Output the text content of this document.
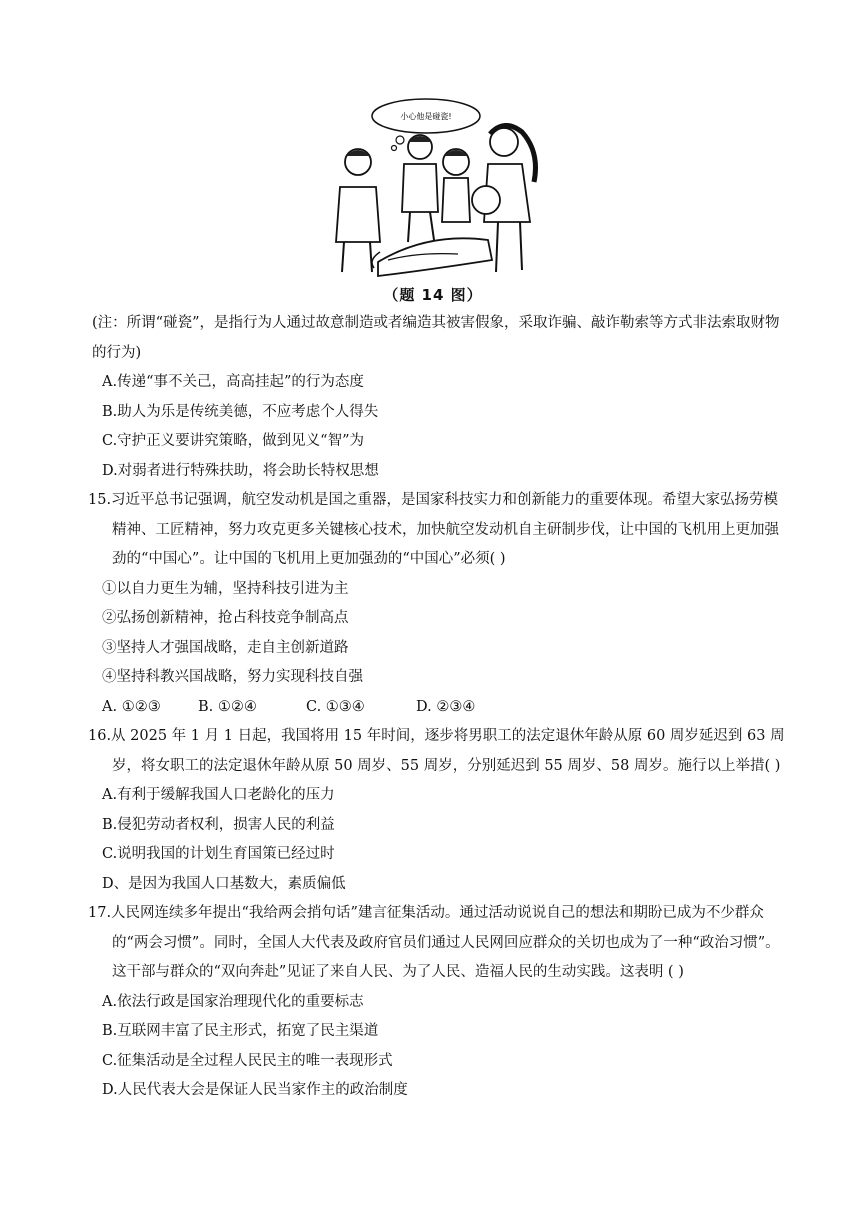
小心他是碰瓷!
（题 14 图）
(注：所谓“碰瓷”，是指行为人通过故意制造或者编造其被害假象，采取诈骗、敲诈勒索等方式非法索取财物的行为)
A.传递“事不关己，高高挂起”的行为态度
B.助人为乐是传统美德，不应考虑个人得失
C.守护正义要讲究策略，做到见义“智”为
D.对弱者进行特殊扶助，将会助长特权思想
15.习近平总书记强调，航空发动机是国之重器，是国家科技实力和创新能力的重要体现。希望大家弘扬劳模精神、工匠精神，努力攻克更多关键核心技术，加快航空发动机自主研制步伐，让中国的飞机用上更加强劲的“中国心”。让中国的飞机用上更加强劲的“中国心”必须( )
①以自力更生为辅，坚持科技引进为主
②弘扬创新精神，抢占科技竞争制高点
③坚持人才强国战略，走自主创新道路
④坚持科教兴国战略，努力实现科技自强
A. ①②③	B. ①②④	C. ①③④	D. ②③④
16.从 2025 年 1 月 1 日起，我国将用 15 年时间，逐步将男职工的法定退休年龄从原 60 周岁延迟到 63 周岁，将女职工的法定退休年龄从原 50 周岁、55 周岁，分别延迟到 55 周岁、58 周岁。施行以上举措( )
A.有利于缓解我国人口老龄化的压力
B.侵犯劳动者权利，损害人民的利益
C.说明我国的计划生育国策已经过时
D、是因为我国人口基数大，素质偏低
17.人民网连续多年提出“我给两会捎句话”建言征集活动。通过活动说说自己的想法和期盼已成为不少群众的“两会习惯”。同时，全国人大代表及政府官员们通过人民网回应群众的关切也成为了一种“政治习惯”。这干部与群众的“双向奔赴”见证了来自人民、为了人民、造福人民的生动实践。这表明 ( )
A.依法行政是国家治理现代化的重要标志
B.互联网丰富了民主形式，拓宽了民主渠道
C.征集活动是全过程人民民主的唯一表现形式
D.人民代表大会是保证人民当家作主的政治制度
